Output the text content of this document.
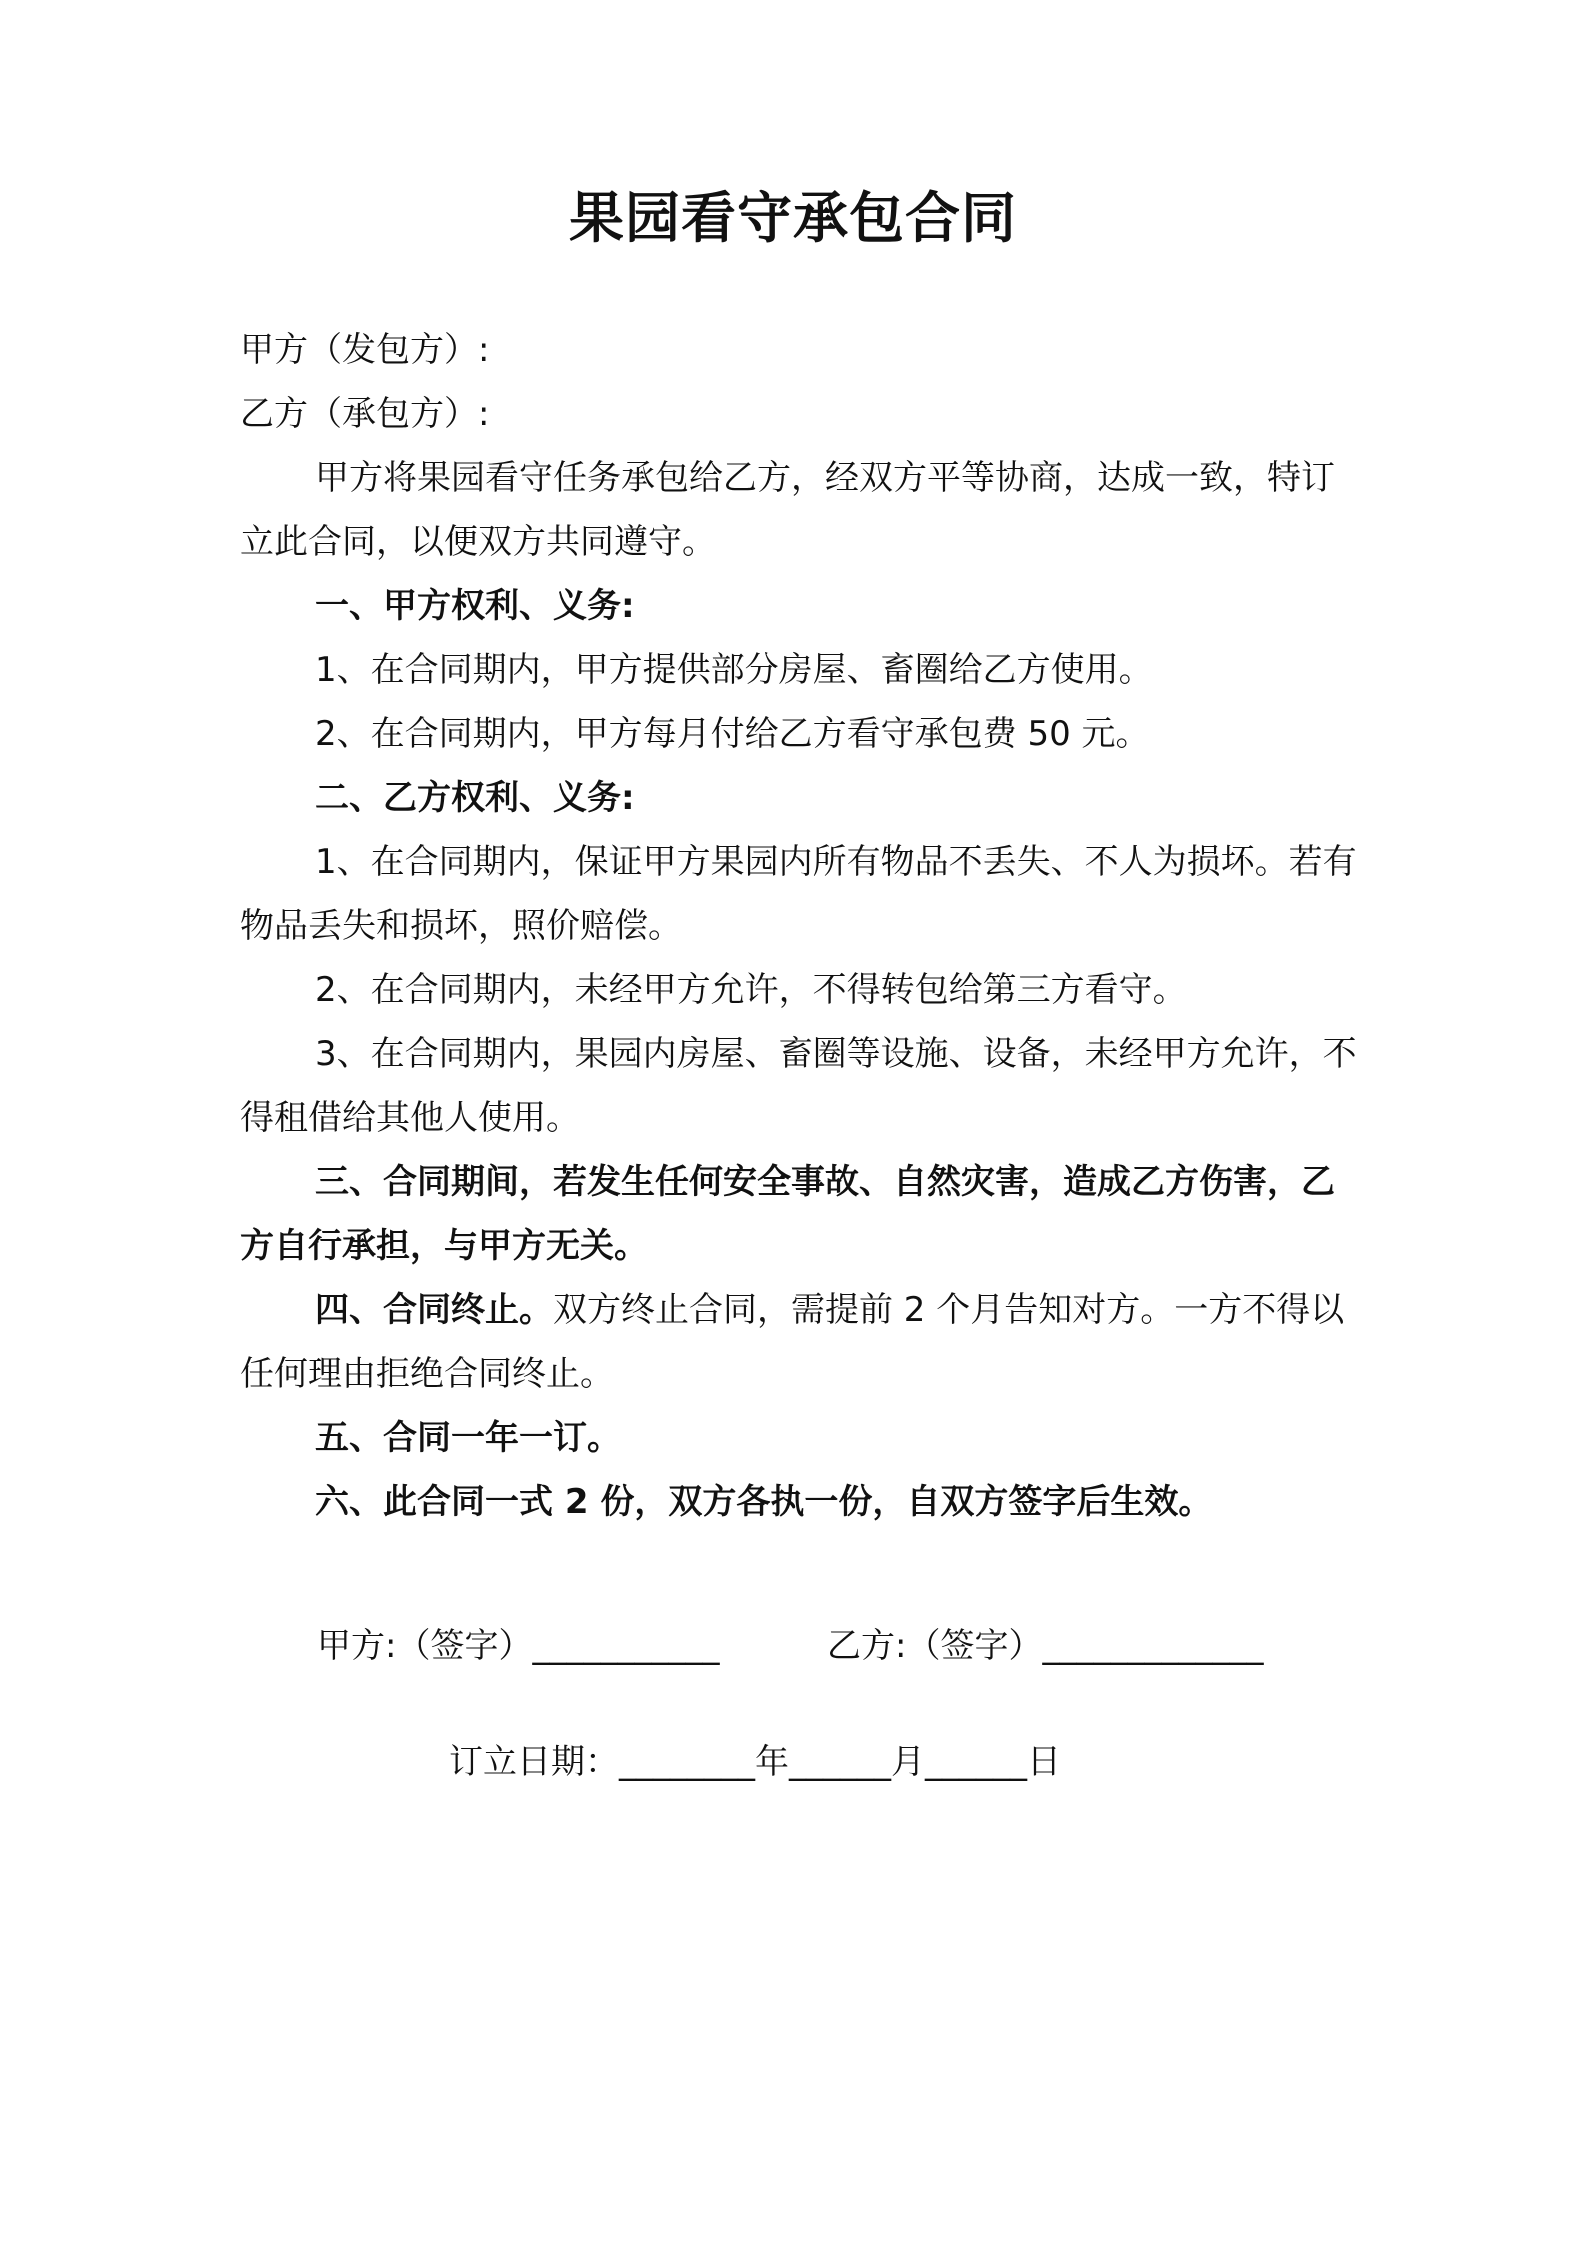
果园看守承包合同

甲方（发包方）:

乙方（承包方）:

甲方将果园看守任务承包给乙方，经双方平等协商，达成一致，特订立此合同，以便双方共同遵守。

一、甲方权利、义务:

1、在合同期内，甲方提供部分房屋、畜圈给乙方使用。

2、在合同期内，甲方每月付给乙方看守承包费 50 元。

二、乙方权利、义务:

1、在合同期内，保证甲方果园内所有物品不丢失、不人为损坏。若有物品丢失和损坏，照价赔偿。

2、在合同期内，未经甲方允许，不得转包给第三方看守。

3、在合同期内，果园内房屋、畜圈等设施、设备，未经甲方允许，不得租借给其他人使用。

三、合同期间，若发生任何安全事故、自然灾害，造成乙方伤害，乙方自行承担，与甲方无关。

四、合同终止。双方终止合同，需提前 2 个月告知对方。一方不得以任何理由拒绝合同终止。

五、合同一年一订。

六、此合同一式 2 份，双方各执一份，自双方签字后生效。

甲方:（签字）___________	乙方:（签字）_____________
订立日期：________年______月______日
